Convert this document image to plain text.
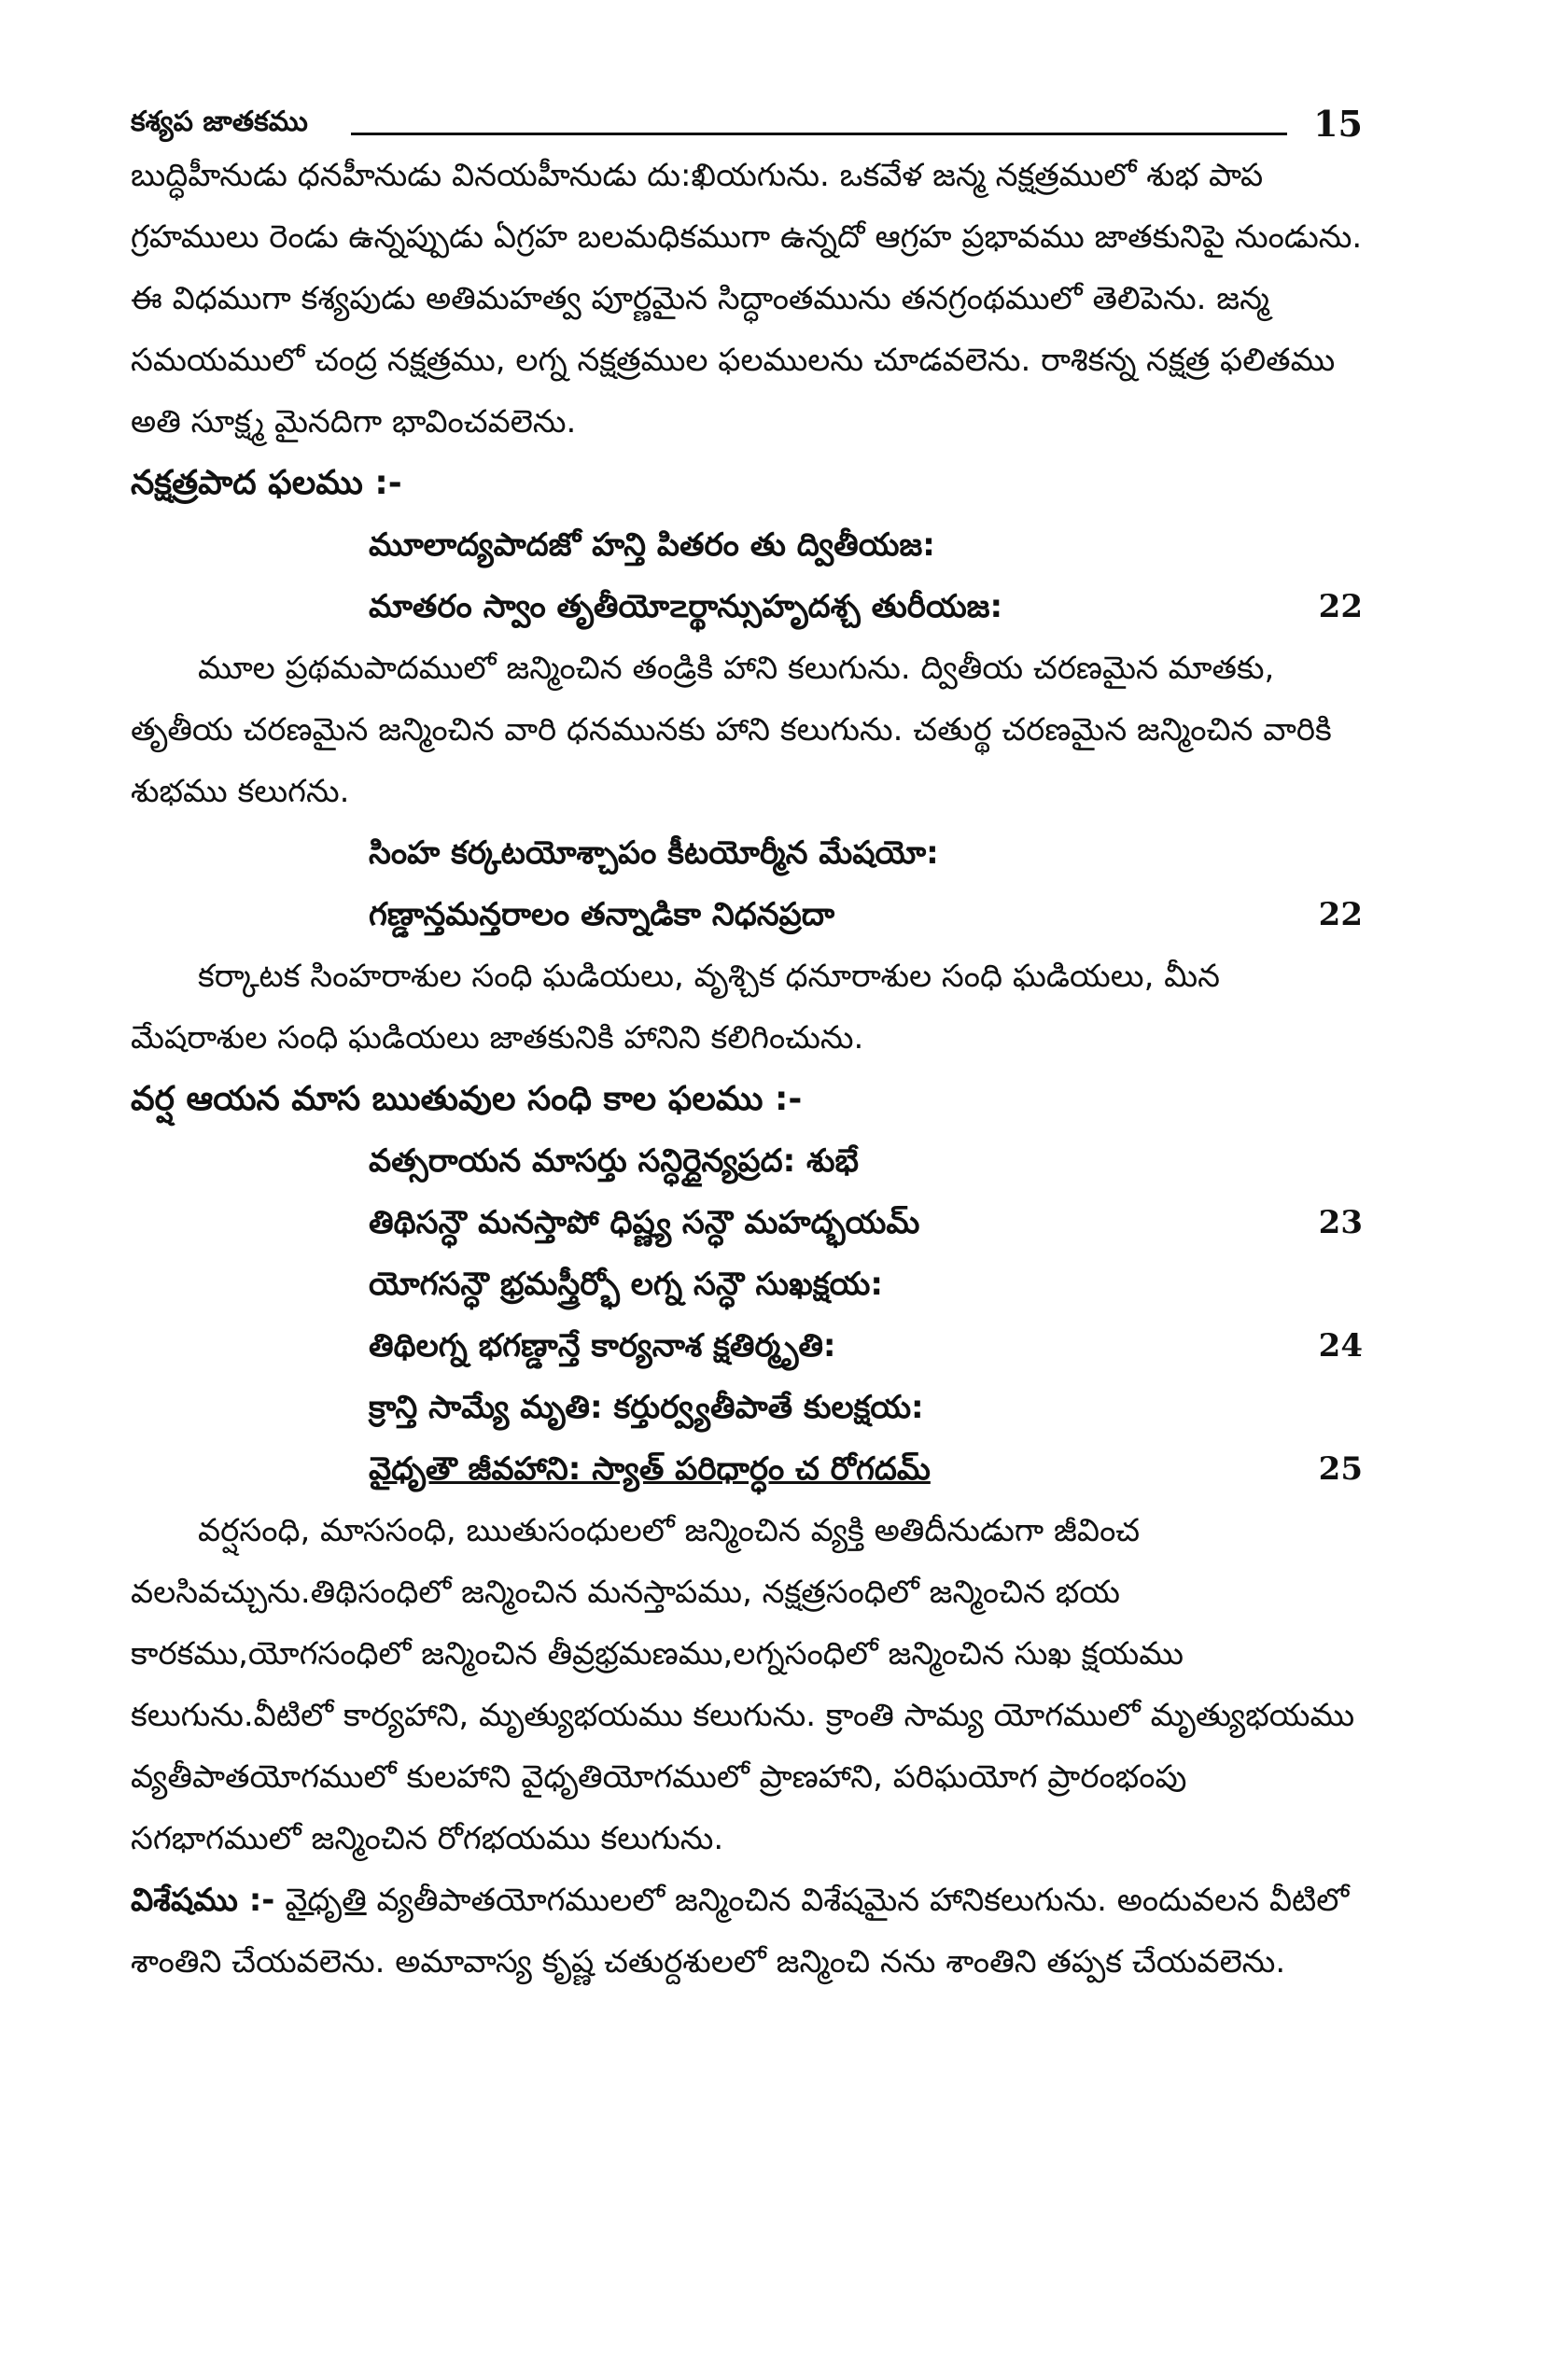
కశ్యప జాతకము	15

బుద్ధిహీనుడు ధనహీనుడు వినయహీనుడు దు:ఖియగును. ఒకవేళ జన్మ నక్షత్రములో శుభ పాప గ్రహములు రెండు ఉన్నప్పుడు ఏగ్రహ బలమధికముగా ఉన్నదో ఆగ్రహ ప్రభావము జాతకునిపై నుండును. ఈ విధముగా కశ్యపుడు అతిమహత్వ పూర్ణమైన సిద్ధాంతమును తనగ్రంథములో తెలిపెను. జన్మ సమయములో చంద్ర నక్షత్రము, లగ్న నక్షత్రముల ఫలములను చూడవలెను. రాశికన్న నక్షత్ర ఫలితము అతి సూక్ష్మ మైనదిగా భావించవలెను.

నక్షత్రపాద ఫలము :-

మూలాద్యపాదజో హన్తి పితరం తు ద్వితీయజ:
మాతరం స్వాం తృతీయో౽ర్థాన్సుహృదశ్చ తురీయజ:	22

మూల ప్రథమపాదములో జన్మించిన తండ్రికి హాని కలుగును. ద్వితీయ చరణమైన మాతకు, తృతీయ చరణమైన జన్మించిన వారి ధనమునకు హాని కలుగును. చతుర్థ చరణమైన జన్మించిన వారికి శుభము కలుగను.

సింహ కర్కటయోశ్చాపం కీటయోర్మీన మేషయో:
గణ్డాన్తమన్తరాలం తన్నాడికా నిధనప్రదా	22

కర్కాటక సింహరాశుల సంధి ఘడియలు, వృశ్చిక ధనూరాశుల సంధి ఘడియలు, మీన మేషరాశుల సంధి ఘడియలు జాతకునికి హానిని కలిగించును.

వర్ష ఆయన మాస ఋతువుల సంధి కాల ఫలము :-

వత్సరాయన మాసర్తు సన్ధిర్దైన్యప్రద: శుభే
తిథిసన్ధౌ మనస్తాపో ధిష్ణ్య సన్ధౌ మహద్భయమ్	23
యోగసన్ధౌ భ్రమస్త్రీర్భో లగ్న సన్ధౌ సుఖక్షయ:
తిథిలగ్న భగణ్డాన్తే కార్యనాశ క్షతిర్మృతి:	24
క్రాన్తి సామ్యే మృతి: కర్తుర్వ్యతీపాతే కులక్షయ:
వైధృతౌ జీవహాని: స్యాత్ పరిధార్ధం చ రోగదమ్	25

వర్షసంధి, మాససంధి, ఋతుసంధులలో జన్మించిన వ్యక్తి అతిదీనుడుగా జీవించ వలసివచ్చును.తిథిసంధిలో జన్మించిన మనస్తాపము, నక్షత్రసంధిలో జన్మించిన భయ కారకము,యోగసంధిలో జన్మించిన తీవ్రభ్రమణము,లగ్నసంధిలో జన్మించిన సుఖ క్షయము కలుగును.వీటిలో కార్యహాని, మృత్యుభయము కలుగును. క్రాంతి సామ్య యోగములో మృత్యుభయము వ్యతీపాతయోగములో కులహాని వైధృతియోగములో ప్రాణహాని, పరిఘయోగ ప్రారంభంపు సగభాగములో జన్మించిన రోగభయము కలుగును.

విశేషము :- వైధృతి వ్యతీపాతయోగములలో జన్మించిన విశేషమైన హానికలుగును. అందువలన వీటిలో శాంతిని చేయవలెను. అమావాస్య కృష్ణ చతుర్దశులలో జన్మించి నను శాంతిని తప్పక చేయవలెను.
